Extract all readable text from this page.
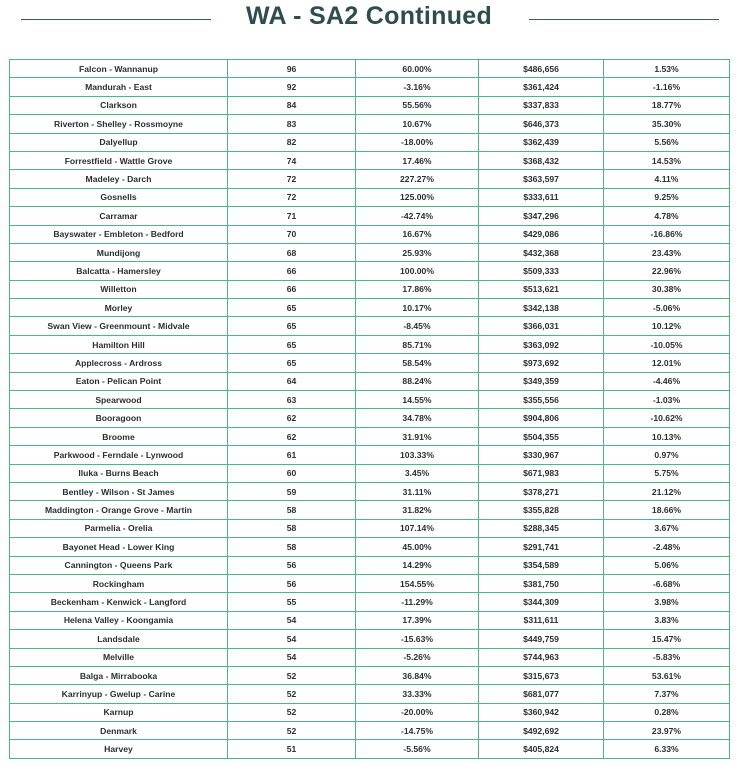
WA - SA2 Continued
Falcon - Wannanup	96	60.00%	$486,656	1.53%
Mandurah - East	92	-3.16%	$361,424	-1.16%
Clarkson	84	55.56%	$337,833	18.77%
Riverton - Shelley - Rossmoyne	83	10.67%	$646,373	35.30%
Dalyellup	82	-18.00%	$362,439	5.56%
Forrestfield - Wattle Grove	74	17.46%	$368,432	14.53%
Madeley - Darch	72	227.27%	$363,597	4.11%
Gosnells	72	125.00%	$333,611	9.25%
Carramar	71	-42.74%	$347,296	4.78%
Bayswater - Embleton - Bedford	70	16.67%	$429,086	-16.86%
Mundijong	68	25.93%	$432,368	23.43%
Balcatta - Hamersley	66	100.00%	$509,333	22.96%
Willetton	66	17.86%	$513,621	30.38%
Morley	65	10.17%	$342,138	-5.06%
Swan View - Greenmount - Midvale	65	-8.45%	$366,031	10.12%
Hamilton Hill	65	85.71%	$363,092	-10.05%
Applecross - Ardross	65	58.54%	$973,692	12.01%
Eaton - Pelican Point	64	88.24%	$349,359	-4.46%
Spearwood	63	14.55%	$355,556	-1.03%
Booragoon	62	34.78%	$904,806	-10.62%
Broome	62	31.91%	$504,355	10.13%
Parkwood - Ferndale - Lynwood	61	103.33%	$330,967	0.97%
Iluka - Burns Beach	60	3.45%	$671,983	5.75%
Bentley - Wilson - St James	59	31.11%	$378,271	21.12%
Maddington - Orange Grove - Martin	58	31.82%	$355,828	18.66%
Parmelia - Orelia	58	107.14%	$288,345	3.67%
Bayonet Head - Lower King	58	45.00%	$291,741	-2.48%
Cannington - Queens Park	56	14.29%	$354,589	5.06%
Rockingham	56	154.55%	$381,750	-6.68%
Beckenham - Kenwick - Langford	55	-11.29%	$344,309	3.98%
Helena Valley - Koongamia	54	17.39%	$311,611	3.83%
Landsdale	54	-15.63%	$449,759	15.47%
Melville	54	-5.26%	$744,963	-5.83%
Balga - Mirrabooka	52	36.84%	$315,673	53.61%
Karrinyup - Gwelup - Carine	52	33.33%	$681,077	7.37%
Karnup	52	-20.00%	$360,942	0.28%
Denmark	52	-14.75%	$492,692	23.97%
Harvey	51	-5.56%	$405,824	6.33%
